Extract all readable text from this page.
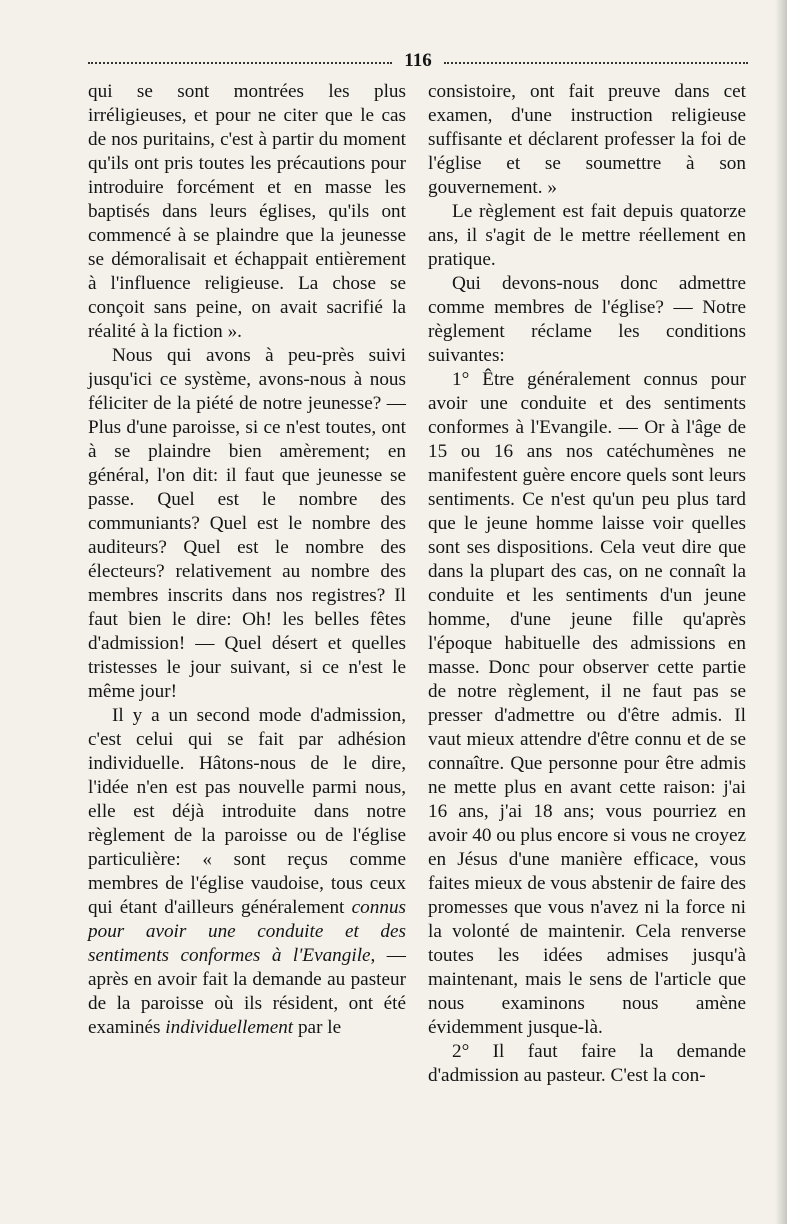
116

qui se sont montrées les plus irréligieuses, et pour ne citer que le cas de nos puritains, c'est à partir du moment qu'ils ont pris toutes les précautions pour introduire forcément et en masse les baptisés dans leurs églises, qu'ils ont commencé à se plaindre que la jeunesse se démoralisait et échappait entièrement à l'influence religieuse. La chose se conçoit sans peine, on avait sacrifié la réalité à la fiction ».

Nous qui avons à peu-près suivi jusqu'ici ce système, avons-nous à nous féliciter de la piété de notre jeunesse? — Plus d'une paroisse, si ce n'est toutes, ont à se plaindre bien amèrement; en général, l'on dit: il faut que jeunesse se passe. Quel est le nombre des communiants? Quel est le nombre des auditeurs? Quel est le nombre des électeurs? relativement au nombre des membres inscrits dans nos registres? Il faut bien le dire: Oh! les belles fêtes d'admission! — Quel désert et quelles tristesses le jour suivant, si ce n'est le même jour!

Il y a un second mode d'admission, c'est celui qui se fait par adhésion individuelle. Hâtons-nous de le dire, l'idée n'en est pas nouvelle parmi nous, elle est déjà introduite dans notre règlement de la paroisse ou de l'église particulière: « sont reçus comme membres de l'église vaudoise, tous ceux qui étant d'ailleurs généralement connus pour avoir une conduite et des sentiments conformes à l'Evangile, — après en avoir fait la demande au pasteur de la paroisse où ils résident, ont été examinés individuellement par le

consistoire, ont fait preuve dans cet examen, d'une instruction religieuse suffisante et déclarent professer la foi de l'église et se soumettre à son gouvernement. »

Le règlement est fait depuis quatorze ans, il s'agit de le mettre réellement en pratique.

Qui devons-nous donc admettre comme membres de l'église? — Notre règlement réclame les conditions suivantes:

1° Être généralement connus pour avoir une conduite et des sentiments conformes à l'Evangile. — Or à l'âge de 15 ou 16 ans nos catéchumènes ne manifestent guère encore quels sont leurs sentiments. Ce n'est qu'un peu plus tard que le jeune homme laisse voir quelles sont ses dispositions. Cela veut dire que dans la plupart des cas, on ne connaît la conduite et les sentiments d'un jeune homme, d'une jeune fille qu'après l'époque habituelle des admissions en masse. Donc pour observer cette partie de notre règlement, il ne faut pas se presser d'admettre ou d'être admis. Il vaut mieux attendre d'être connu et de se connaître. Que personne pour être admis ne mette plus en avant cette raison: j'ai 16 ans, j'ai 18 ans; vous pourriez en avoir 40 ou plus encore si vous ne croyez en Jésus d'une manière efficace, vous faites mieux de vous abstenir de faire des promesses que vous n'avez ni la force ni la volonté de maintenir. Cela renverse toutes les idées admises jusqu'à maintenant, mais le sens de l'article que nous examinons nous amène évidemment jusque-là.

2° Il faut faire la demande d'admission au pasteur. C'est la con-
